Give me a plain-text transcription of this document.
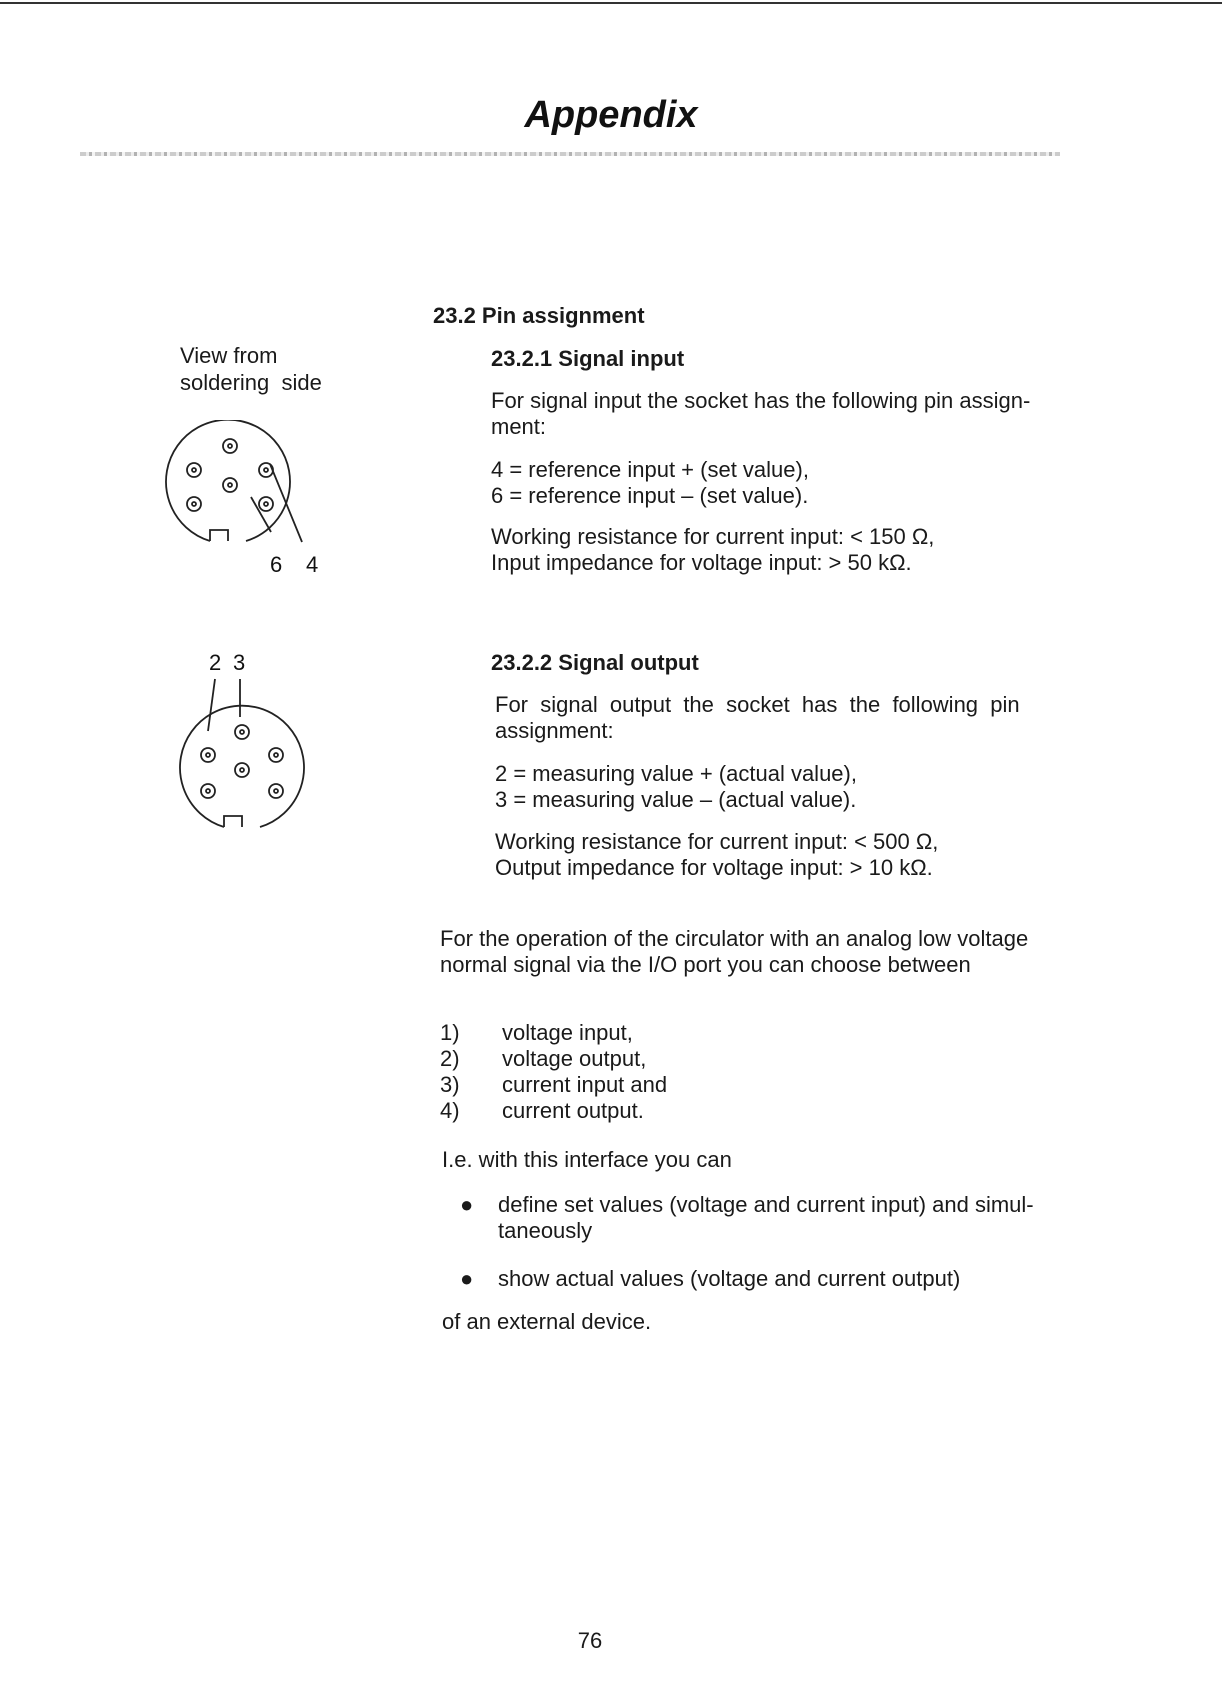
Appendix
View from
soldering  side
6 4
2 3
23.2 Pin assignment
23.2.1 Signal input
For signal input the socket has the following pin assign-
ment:
4 = reference input + (set value),
6 = reference input – (set value).
Working resistance for current input: < 150 Ω,
Input impedance for voltage input: > 50 kΩ.
23.2.2 Signal output
For  signal  output  the  socket  has  the  following  pin
assignment:
2 = measuring value + (actual value),
3 = measuring value – (actual value).
Working resistance for current input: < 500 Ω,
Output impedance for voltage input: > 10 kΩ.
For the operation of the circulator with an analog low voltage
normal signal via the I/O port you can choose between
1) voltage input,
2) voltage output,
3) current input and
4) current output.
I.e. with this interface you can
● define set values (voltage and current input) and simul-
taneously
● show actual values (voltage and current output)
of an external device.
76
